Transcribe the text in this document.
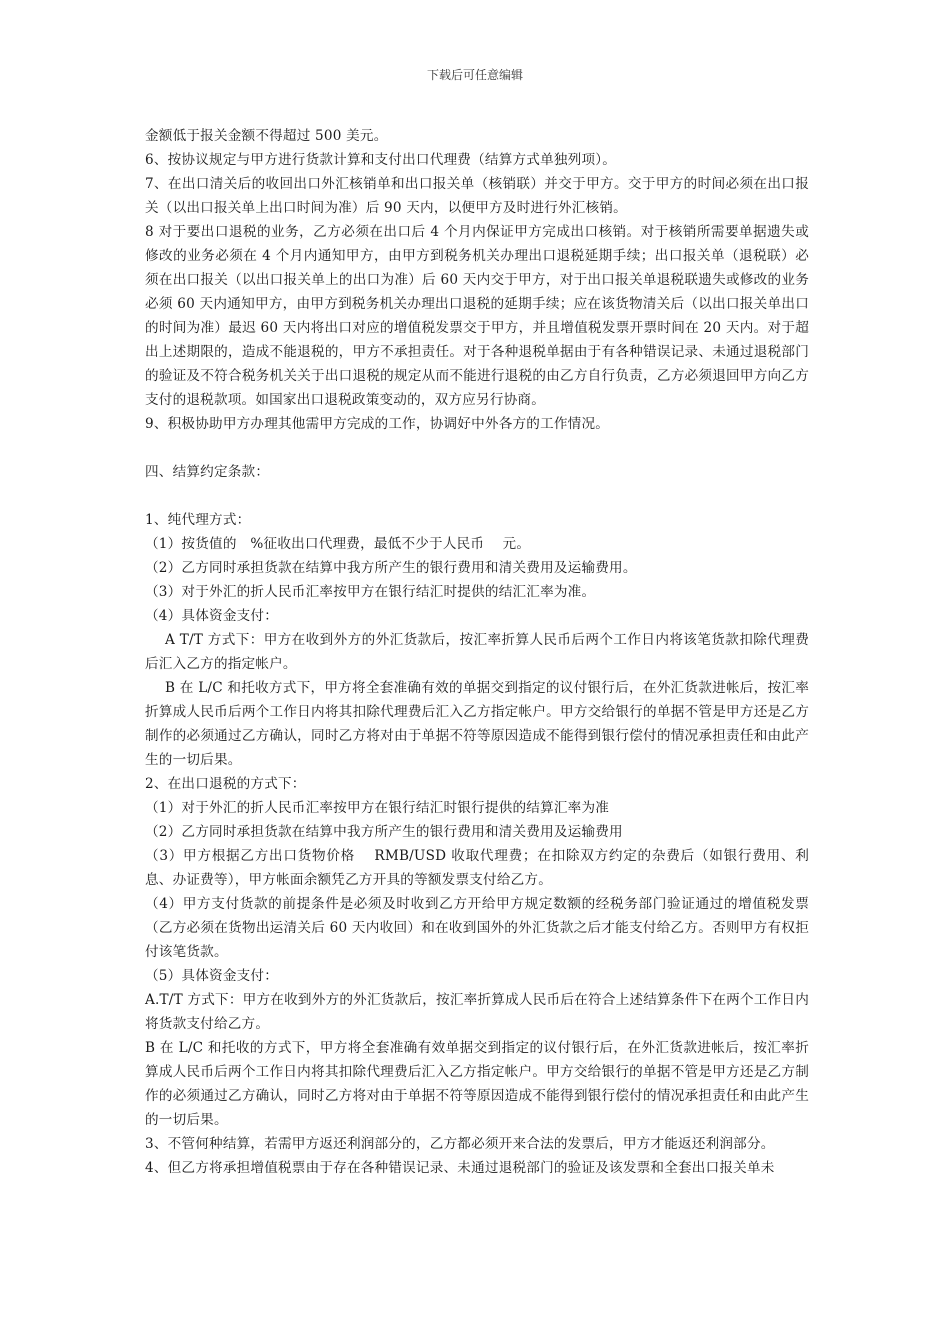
下载后可任意编辑

金额低于报关金额不得超过 500 美元。

6、按协议规定与甲方进行货款计算和支付出口代理费（结算方式单独列项）。

7、在出口清关后的收回出口外汇核销单和出口报关单（核销联）并交于甲方。交于甲方的时间必须在出口报关（以出口报关单上出口时间为准）后 90 天内，以便甲方及时进行外汇核销。

8 对于要出口退税的业务，乙方必须在出口后 4 个月内保证甲方完成出口核销。对于核销所需要单据遗失或修改的业务必须在 4 个月内通知甲方，由甲方到税务机关办理出口退税延期手续；出口报关单（退税联）必须在出口报关（以出口报关单上的出口为准）后 60 天内交于甲方，对于出口报关单退税联遗失或修改的业务必须 60 天内通知甲方，由甲方到税务机关办理出口退税的延期手续；应在该货物清关后（以出口报关单出口的时间为准）最迟 60 天内将出口对应的增值税发票交于甲方，并且增值税发票开票时间在 20 天内。对于超出上述期限的，造成不能退税的，甲方不承担责任。对于各种退税单据由于有各种错误记录、未通过退税部门的验证及不符合税务机关关于出口退税的规定从而不能进行退税的由乙方自行负责，乙方必须退回甲方向乙方支付的退税款项。如国家出口退税政策变动的，双方应另行协商。

9、积极协助甲方办理其他需甲方完成的工作，协调好中外各方的工作情况。

四、结算约定条款：

1、纯代理方式：

（1）按货值的　%征收出口代理费，最低不少于人民币　 元。

（2）乙方同时承担货款在结算中我方所产生的银行费用和清关费用及运输费用。

（3）对于外汇的折人民币汇率按甲方在银行结汇时提供的结汇汇率为准。

（4）具体资金支付：

A T/T 方式下：甲方在收到外方的外汇货款后，按汇率折算人民币后两个工作日内将该笔货款扣除代理费后汇入乙方的指定帐户。

B 在 L/C 和托收方式下，甲方将全套准确有效的单据交到指定的议付银行后，在外汇货款进帐后，按汇率折算成人民币后两个工作日内将其扣除代理费后汇入乙方指定帐户。甲方交给银行的单据不管是甲方还是乙方制作的必须通过乙方确认，同时乙方将对由于单据不符等原因造成不能得到银行偿付的情况承担责任和由此产生的一切后果。

2、在出口退税的方式下：

（1）对于外汇的折人民币汇率按甲方在银行结汇时银行提供的结算汇率为准

（2）乙方同时承担货款在结算中我方所产生的银行费用和清关费用及运输费用

（3）甲方根据乙方出口货物价格　 RMB/USD 收取代理费；在扣除双方约定的杂费后（如银行费用、利息、办证费等），甲方帐面余额凭乙方开具的等额发票支付给乙方。

（4）甲方支付货款的前提条件是必须及时收到乙方开给甲方规定数额的经税务部门验证通过的增值税发票（乙方必须在货物出运清关后 60 天内收回）和在收到国外的外汇货款之后才能支付给乙方。否则甲方有权拒付该笔货款。

（5）具体资金支付：

A.T/T 方式下：甲方在收到外方的外汇货款后，按汇率折算成人民币后在符合上述结算条件下在两个工作日内将货款支付给乙方。

B 在 L/C 和托收的方式下，甲方将全套准确有效单据交到指定的议付银行后，在外汇货款进帐后，按汇率折算成人民币后两个工作日内将其扣除代理费后汇入乙方指定帐户。甲方交给银行的单据不管是甲方还是乙方制作的必须通过乙方确认，同时乙方将对由于单据不符等原因造成不能得到银行偿付的情况承担责任和由此产生的一切后果。

3、不管何种结算，若需甲方返还利润部分的，乙方都必须开来合法的发票后，甲方才能返还利润部分。

4、但乙方将承担增值税票由于存在各种错误记录、未通过退税部门的验证及该发票和全套出口报关单未
